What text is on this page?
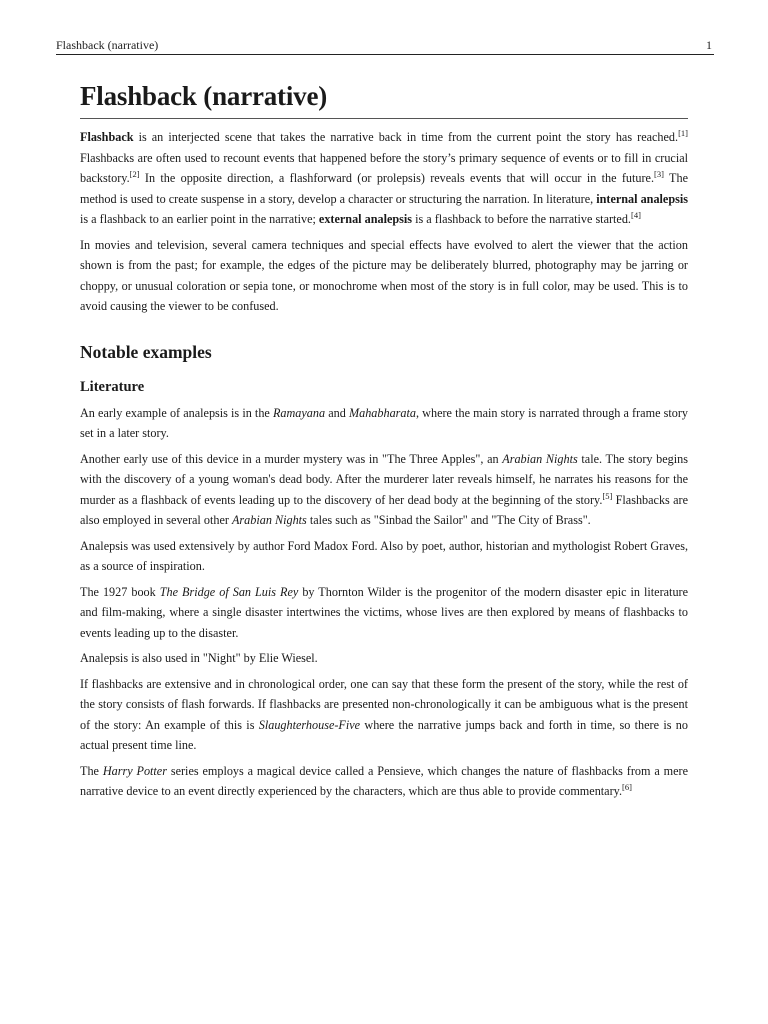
Flashback (narrative)	1
Flashback (narrative)

Flashback is an interjected scene that takes the narrative back in time from the current point the story has reached.[1] Flashbacks are often used to recount events that happened before the story’s primary sequence of events or to fill in crucial backstory.[2] In the opposite direction, a flashforward (or prolepsis) reveals events that will occur in the future.[3] The method is used to create suspense in a story, develop a character or structuring the narration. In literature, internal analepsis is a flashback to an earlier point in the narrative; external analepsis is a flashback to before the narrative started.[4]

In movies and television, several camera techniques and special effects have evolved to alert the viewer that the action shown is from the past; for example, the edges of the picture may be deliberately blurred, photography may be jarring or choppy, or unusual coloration or sepia tone, or monochrome when most of the story is in full color, may be used. This is to avoid causing the viewer to be confused.

Notable examples
Literature

An early example of analepsis is in the Ramayana and Mahabharata, where the main story is narrated through a frame story set in a later story.

Another early use of this device in a murder mystery was in "The Three Apples", an Arabian Nights tale. The story begins with the discovery of a young woman's dead body. After the murderer later reveals himself, he narrates his reasons for the murder as a flashback of events leading up to the discovery of her dead body at the beginning of the story.[5] Flashbacks are also employed in several other Arabian Nights tales such as "Sinbad the Sailor" and "The City of Brass".

Analepsis was used extensively by author Ford Madox Ford. Also by poet, author, historian and mythologist Robert Graves, as a source of inspiration.

The 1927 book The Bridge of San Luis Rey by Thornton Wilder is the progenitor of the modern disaster epic in literature and film-making, where a single disaster intertwines the victims, whose lives are then explored by means of flashbacks to events leading up to the disaster.

Analepsis is also used in "Night" by Elie Wiesel.

If flashbacks are extensive and in chronological order, one can say that these form the present of the story, while the rest of the story consists of flash forwards. If flashbacks are presented non-chronologically it can be ambiguous what is the present of the story: An example of this is Slaughterhouse-Five where the narrative jumps back and forth in time, so there is no actual present time line.

The Harry Potter series employs a magical device called a Pensieve, which changes the nature of flashbacks from a mere narrative device to an event directly experienced by the characters, which are thus able to provide commentary.[6]
